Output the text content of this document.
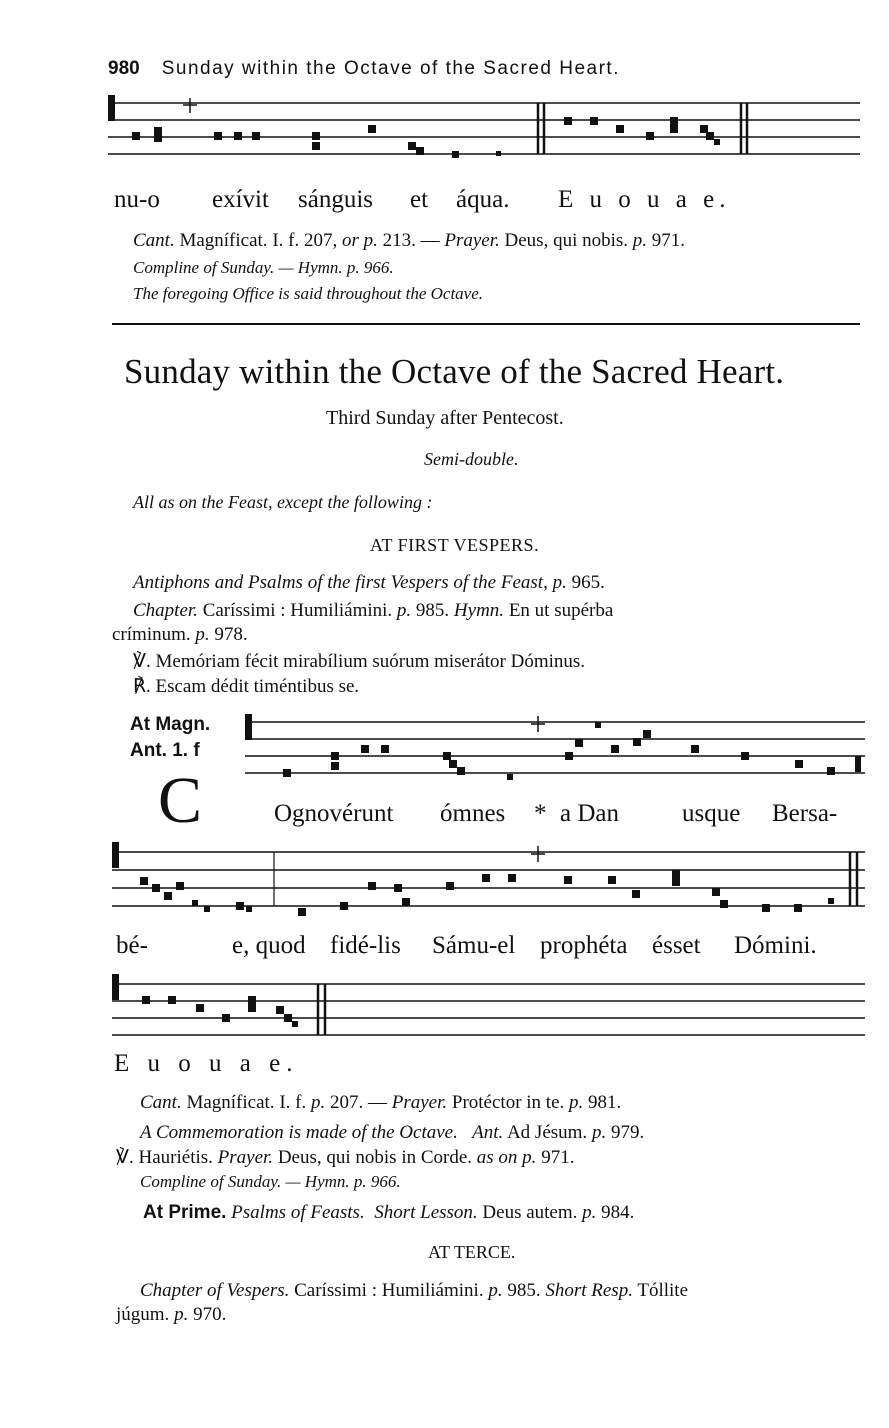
980 Sunday within the Octave of the Sacred Heart.
nu-o exívit sánguis et áqua. E u o u a e.
Cant. Magníficat. I. f. 207, or p. 213. — Prayer. Deus, qui nobis. p. 971.
Compline of Sunday. — Hymn. p. 966.
The foregoing Office is said throughout the Octave.
Sunday within the Octave of the Sacred Heart.
Third Sunday after Pentecost.
Semi-double.
All as on the Feast, except the following :
AT FIRST VESPERS.
Antiphons and Psalms of the first Vespers of the Feast, p. 965.
Chapter. Caríssimi : Humiliámini. p. 985. Hymn. En ut supérba
críminum. p. 978.
℣. Memóriam fécit mirabílium suórum miserátor Dóminus.
℟. Escam dédit timéntibus se.
At Magn.
Ant. 1. f
C	Ognovérunt ómnes * a Dan	usque Bersa-
bé-	e, quod fidé-lis Sámu-el prophéta ésset Dómini.
E u o u a e.
Cant. Magníficat. I. f. p. 207. — Prayer. Protéctor in te. p. 981.
A Commemoration is made of the Octave. Ant. Ad Jésum. p. 979.
℣. Hauriétis. Prayer. Deus, qui nobis in Corde. as on p. 971.
Compline of Sunday. — Hymn. p. 966.
At Prime. Psalms of Feasts.  Short Lesson. Deus autem. p. 984.
AT TERCE.
Chapter of Vespers. Caríssimi : Humiliámini. p. 985. Short Resp. Tóllite
júgum. p. 970.
